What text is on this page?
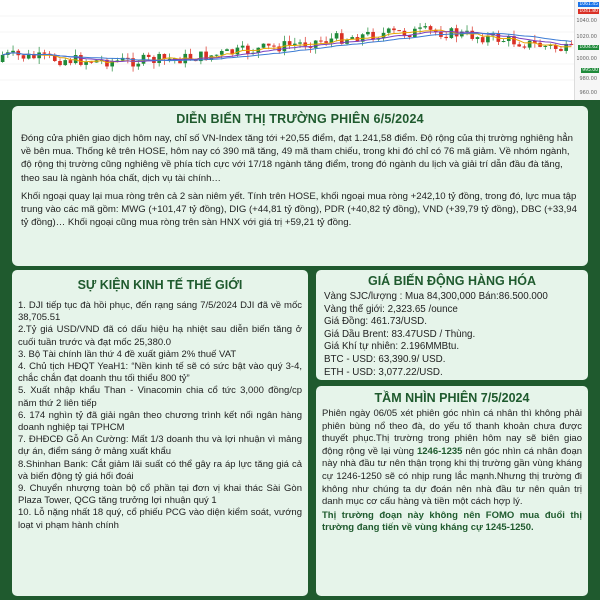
1061.45
1041.80
1040.00
1020.00
1004.62
1000.00
995.00
980.00
960.00
DIỄN BIẾN THỊ TRƯỜNG PHIÊN 6/5/2024

Đóng cửa phiên giao dịch hôm nay, chỉ số VN-Index tăng tới +20,55 điểm, đạt 1.241,58 điểm. Độ rộng của thị trường nghiêng hẳn về bên mua. Thống kê trên HOSE, hôm nay có 390 mã tăng, 49 mã tham chiếu, trong khi đó chỉ có 76 mã giảm. Về nhóm ngành, độ rộng thị trường cũng nghiêng về phía tích cực với 17/18 ngành tăng điểm, trong đó ngành du lịch và giải trí dẫn đầu đà tăng, theo sau là ngành hóa chất, dịch vụ tài chính…

Khối ngoại quay lại mua ròng trên cả 2 sàn niêm yết. Tính trên HOSE, khối ngoại mua ròng +242,10 tỷ đồng, trong đó, lực mua tập trung vào các mã gồm: MWG (+101,47 tỷ đồng), DIG (+44,81 tỷ đồng), PDR (+40,82 tỷ đồng), VND (+39,79 tỷ đồng), DBC (+33,94 tỷ đồng)… Khối ngoại cũng mua ròng trên sàn HNX với giá trị +59,21 tỷ đồng.

SỰ KIỆN KINH TẾ THẾ GIỚI
1. DJI tiếp tục đà hồi phục, đến rạng sáng 7/5/2024 DJI đã về mốc 38,705.51
2.Tỷ giá USD/VND đã có dấu hiệu hạ nhiệt sau diễn biến tăng ở cuối tuần trước và đạt mốc 25,380.0
3. Bộ Tài chính lần thứ 4 đề xuất giảm 2% thuế VAT
4. Chủ tịch HĐQT YeaH1: “Nền kinh tế sẽ có sức bật vào quý 3-4, chắc chắn đạt doanh thu tối thiểu 800 tỷ”
5. Xuất nhập khẩu Than - Vinacomin chia cổ tức 3,000 đồng/cp năm thứ 2 liên tiếp
6. 174 nghìn tỷ đã giải ngân theo chương trình kết nối ngân hàng doanh nghiệp tại TPHCM
7. ĐHĐCĐ Gỗ An Cường: Mất 1/3 doanh thu và lợi nhuận vì mảng dự án, điểm sáng ở mảng xuất khẩu
8.Shinhan Bank: Cắt giảm lãi suất có thể gây ra áp lực tăng giá cả và biến động tỷ giá hối đoái
9. Chuyển nhượng toàn bộ cổ phần tại đơn vị khai thác Sài Gòn Plaza Tower, QCG tăng trưởng lợi nhuận quý 1
10. Lỗ nặng nhất 18 quý, cổ phiếu PCG vào diện kiểm soát, vướng loạt vi phạm hành chính
GIÁ BIẾN ĐỘNG HÀNG HÓA
Vàng SJC/lượng : Mua 84,300,000 Bán:86.500.000
Vàng thế giới: 2,323.65 /ounce
Giá Đồng: 461.73/USD.
Giá Dầu Brent: 83.47USD / Thùng.
Giá Khí tự nhiên: 2.196MMBtu.
BTC - USD: 63,390.9/ USD.
ETH - USD: 3,077.22/USD.
TẦM NHÌN PHIÊN 7/5/2024

Phiên ngày 06/05 xét phiên góc nhìn cá nhân thì không phải phiên bùng nổ theo đà, do yếu tố thanh khoản chưa được thuyết phục.Thị trường trong phiên hôm nay sẽ biên giao động rộng về lại vùng 1246-1235 nên góc nhìn cá nhân đoạn này nhà đầu tư nên thận trọng khi thị trường gần vùng kháng cự 1246-1250 sẽ có nhịp rung lắc mạnh.Nhưng thị trường đi không như chúng ta dự đoán nên nhà đầu tư nên quản trị danh mục cơ cấu hàng và tiền một cách hợp lý.

Thị trường đoạn này không nên FOMO mua đuổi thị trường đang tiến về vùng kháng cự 1245-1250.
